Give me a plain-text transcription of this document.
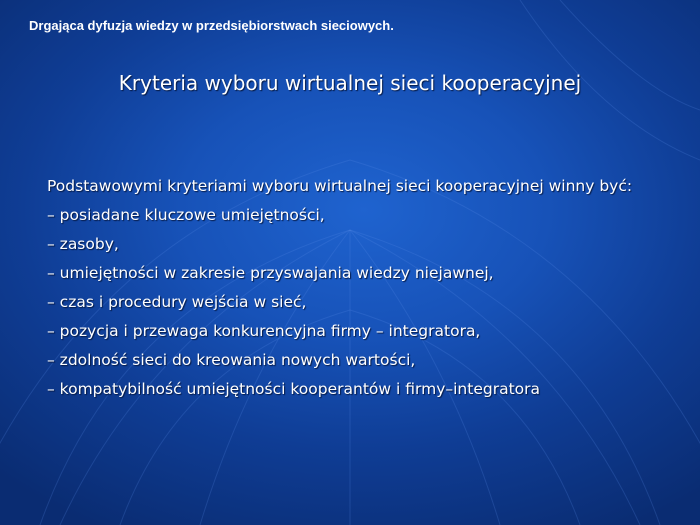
Drgająca dyfuzja wiedzy w przedsiębiorstwach sieciowych.
Kryteria wyboru wirtualnej sieci kooperacyjnej

Podstawowymi kryteriami wyboru wirtualnej sieci kooperacyjnej winny być:

– posiadane kluczowe umiejętności,
– zasoby,
– umiejętności w zakresie przyswajania wiedzy niejawnej,
– czas i procedury wejścia w sieć,
– pozycja i przewaga konkurencyjna firmy – integratora,
– zdolność sieci do kreowania nowych wartości,
– kompatybilność umiejętności kooperantów i firmy–integratora
